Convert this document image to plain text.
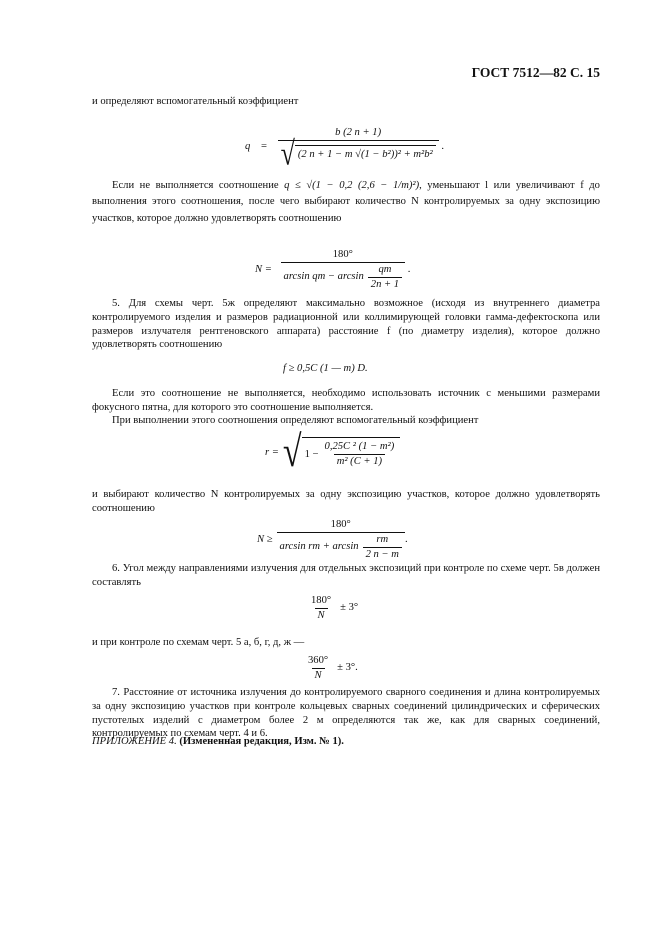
ГОСТ 7512—82 С. 15
и определяют вспомогательный коэффициент
$q = \frac{b (2 n + 1)}{\text{√ (2 n + 1 − m √(1 − b²))² + m²b²}}$ .
Если не выполняется соотношение q ≤ √(1 − 0,2 (2,6 − 1/m)²), уменьшают l или увеличивают f до выполнения этого соотношения, после чего выбирают количество N контролируемых за одну экспозицию участков, которое должно удовлетворять соотношению
$N = \frac{180^\circ}{\arcsin qm - \arcsin \frac{qm}{2n + 1}}$ .
5. Для схемы черт. 5ж определяют максимально возможное (исходя из внутреннего диаметра контролируемого изделия и размеров радиационной или коллимирующей головки гамма-дефектоскопа или размеров излучателя рентгеновского аппарата) расстояние f (по диаметру изделия), которое должно удовлетворять соотношению
f ≥ 0,5C (1 — m) D.
Если это соотношение не выполняется, необходимо использовать источник с меньшими размерами фокусного пятна, для которого это соотношение выполняется.
При выполнении этого соотношения определяют вспомогательный коэффициент
r = √ $1 - \frac{\text{0,25C ² (1 − m²)}}{\text{m² (C + 1)}}$
и выбирают количество N контролируемых за одну экспозицию участков, которое должно удовлетворять соотношению
$N \ge \frac{180^\circ}{\arcsin rm + \arcsin \frac{rm}{2 n - m}}$ .
6. Угол между направлениями излучения для отдельных экспозиций при контроле по схеме черт. 5в должен составлять
$\frac{180^\circ}{N} \pm 3^\circ$
и при контроле по схемам черт. 5 а, б, г, д, ж —
$\frac{360^\circ}{N} \pm 3^\circ$.
7. Расстояние от источника излучения до контролируемого сварного соединения и длина контролируемых за одну экспозицию участков при контроле кольцевых сварных соединений цилиндрических и сферических пустотелых изделий с диаметром более 2 м определяются так же, как для сварных соединений, контролируемых по схемам черт. 4 и 6.
ПРИЛОЖЕНИЕ 4. (Измененная редакция, Изм. № 1).
